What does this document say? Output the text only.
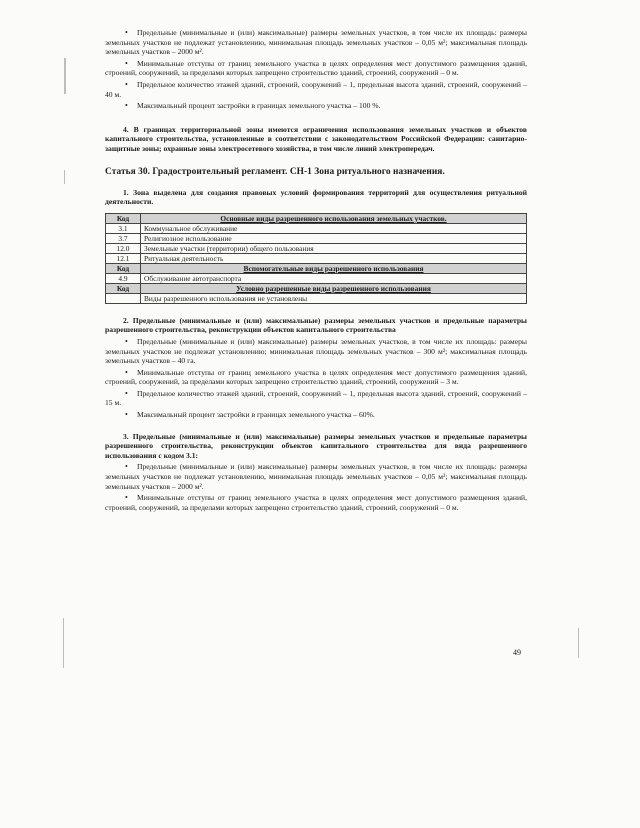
• Предельные (минимальные и (или) максимальные) размеры земельных участков, в том числе их площадь: размеры земельных участков не подлежат установлению, минимальная площадь земельных участков – 0,05 м²; максимальная площадь земельных участков – 2000 м².

• Минимальные отступы от границ земельного участка в целях определения мест допустимого размещения зданий, строений, сооружений, за пределами которых запрещено строительство зданий, строений, сооружений – 0 м.

• Предельное количество этажей зданий, строений, сооружений – 1, предельная высота зданий, строений, сооружений – 40 м.

• Максимальный процент застройки в границах земельного участка – 100 %.

4. В границах территориальной зоны имеются ограничения использования земельных участков и объектов капитального строительства, установленные в соответствии с законодательством Российской Федерации: санитарно-защитные зоны; охранные зоны электросетевого хозяйства, в том числе линий электропередач.

Статья 30. Градостроительный регламент. СН-1 Зона ритуального назначения.

1. Зона выделена для создания правовых условий формирования территорий для осуществления ритуальной деятельности.

Код	Основные виды разрешенного использования земельных участков.
3.1	Коммунальное обслуживание
3.7	Религиозное использование
12.0	Земельные участки (территории) общего пользования
12.1	Ритуальная деятельность
Код	Вспомогательные виды разрешенного использования
4.9	Обслуживание автотранспорта
Код	Условно разрешенные виды разрешенного использования
	Виды разрешенного использования не установлены

2. Предельные (минимальные и (или) максимальные) размеры земельных участков и предельные параметры разрешенного строительства, реконструкции объектов капитального строительства

• Предельные (минимальные и (или) максимальные) размеры земельных участков, в том числе их площадь: размеры земельных участков не подлежат установлению; минимальная площадь земельных участков – 300 м²; максимальная площадь земельных участков – 40 га.

• Минимальные отступы от границ земельного участка в целях определения мест допустимого размещения зданий, строений, сооружений, за пределами которых запрещено строительство зданий, строений, сооружений – 3 м.

• Предельное количество этажей зданий, строений, сооружений – 1, предельная высота зданий, строений, сооружений – 15 м.

• Максимальный процент застройки в границах земельного участка – 60%.

3. Предельные (минимальные и (или) максимальные) размеры земельных участков и предельные параметры разрешенного строительства, реконструкции объектов капитального строительства для вида разрешенного использования с кодом 3.1:

• Предельные (минимальные и (или) максимальные) размеры земельных участков, в том числе их площадь: размеры земельных участков не подлежат установлению, минимальная площадь земельных участков – 0,05 м²; максимальная площадь земельных участков – 2000 м².

• Минимальные отступы от границ земельного участка в целях определения мест допустимого размещения зданий, строений, сооружений, за пределами которых запрещено строительство зданий, строений, сооружений – 0 м.

49
